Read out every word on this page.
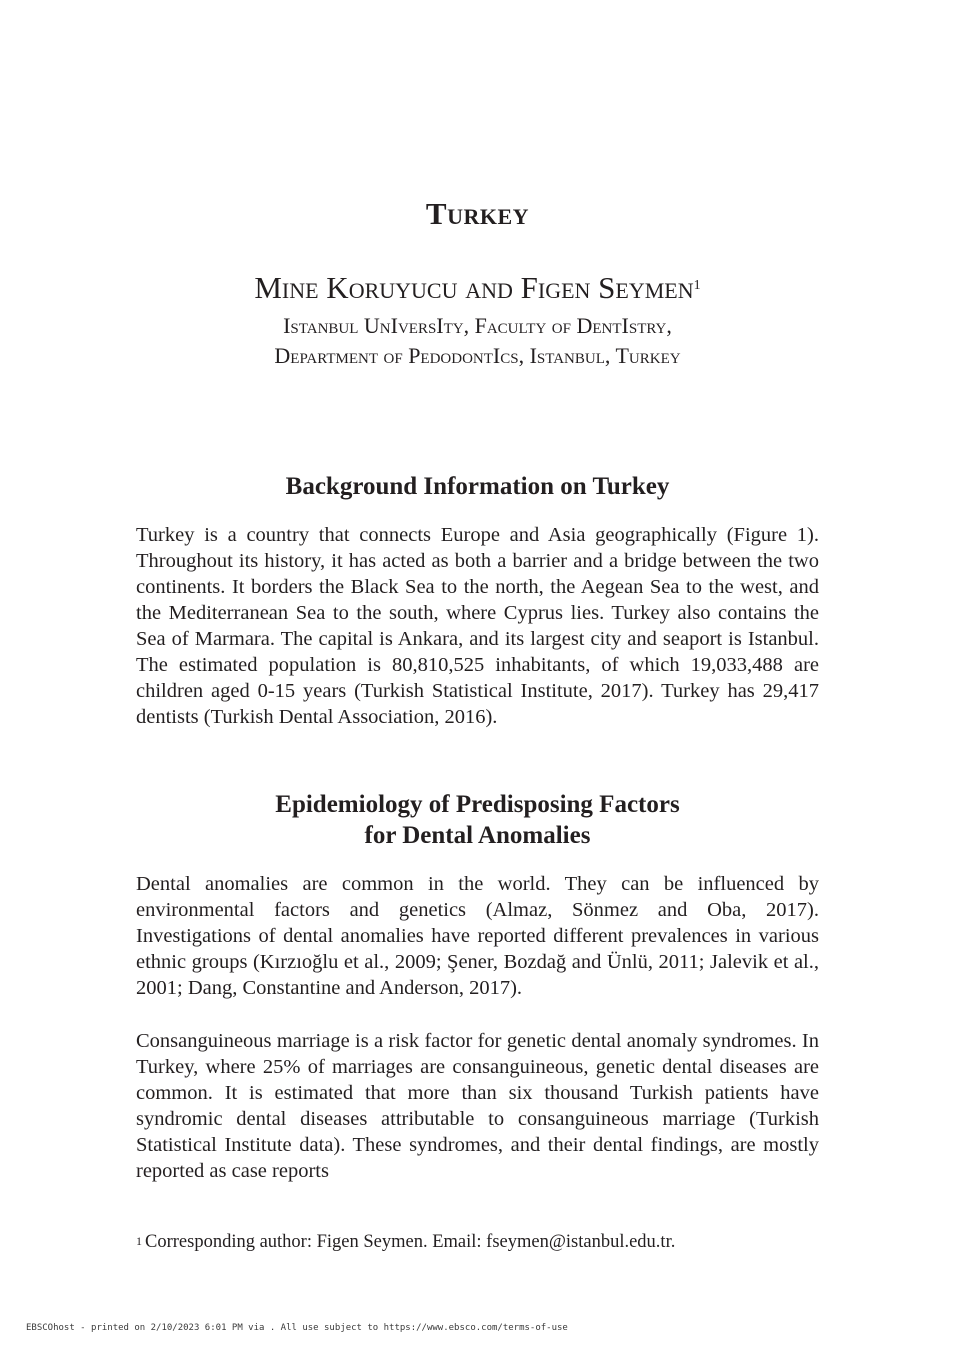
Turkey
Mine Koruyucu and Figen Seymen$^1$
Istanbul UnIversIty, Faculty of DentIstry,
Department of PedodontIcs, Istanbul, Turkey
Background Information on Turkey

Turkey is a country that connects Europe and Asia geographically (Figure 1). Throughout its history, it has acted as both a barrier and a bridge between the two continents. It borders the Black Sea to the north, the Aegean Sea to the west, and the Mediterranean Sea to the south, where Cyprus lies. Turkey also contains the Sea of Marmara. The capital is Ankara, and its largest city and seaport is Istanbul. The estimated population is 80,810,525 inhabitants, of which 19,033,488 are children aged 0-15 years (Turkish Statistical Institute, 2017). Turkey has 29,417 dentists (Turkish Dental Association, 2016).

Epidemiology of Predisposing Factors
for Dental Anomalies

Dental anomalies are common in the world. They can be influenced by environmental factors and genetics (Almaz, Sönmez and Oba, 2017). Investigations of dental anomalies have reported different prevalences in various ethnic groups (Kırzıoğlu et al., 2009; Şener, Bozdağ and Ünlü, 2011; Jalevik et al., 2001; Dang, Constantine and Anderson, 2017).

Consanguineous marriage is a risk factor for genetic dental anomaly syndromes. In Turkey, where 25% of marriages are consanguineous, genetic dental diseases are common. It is estimated that more than six thousand Turkish patients have syndromic dental diseases attributable to consanguineous marriage (Turkish Statistical Institute data). These syndromes, and their dental findings, are mostly reported as case reports

$^1$ Corresponding author: Figen Seymen. Email: fseymen@istanbul.edu.tr.
EBSCOhost - printed on 2/10/2023 6:01 PM via . All use subject to https://www.ebsco.com/terms-of-use
